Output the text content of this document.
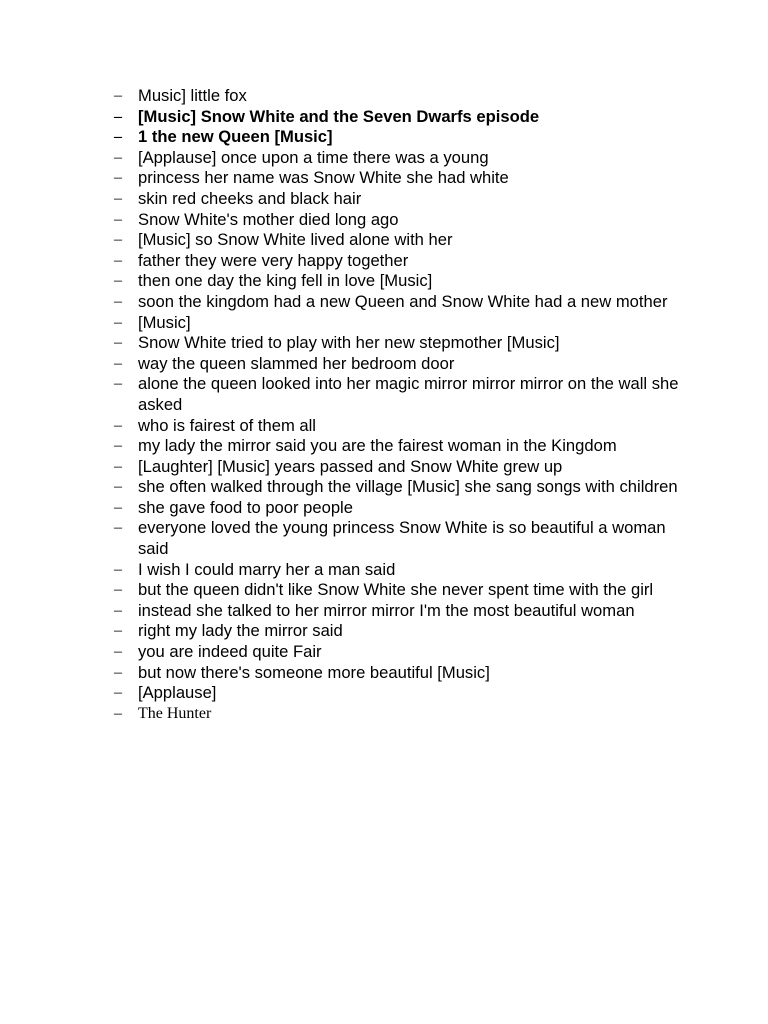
– Music] little fox
– [Music] Snow White and the Seven Dwarfs episode
– 1 the new Queen [Music]
– [Applause] once upon a time there was a young
– princess her name was Snow White she had white
– skin red cheeks and black hair
– Snow White's mother died long ago
– [Music] so Snow White lived alone with her
– father they were very happy together
– then one day the king fell in love [Music]
– soon the kingdom had a new Queen and Snow White had a new mother
– [Music]
– Snow White tried to play with her new stepmother [Music]
– way the queen slammed her bedroom door
– alone the queen looked into her magic mirror mirror mirror on the wall she asked
– who is fairest of them all
– my lady the mirror said you are the fairest woman in the Kingdom
– [Laughter] [Music] years passed and Snow White grew up
– she often walked through the village [Music] she sang songs with children
– she gave food to poor people
– everyone loved the young princess Snow White is so beautiful a woman said
– I wish I could marry her a man said
– but the queen didn't like Snow White she never spent time with the girl
– instead she talked to her mirror mirror I'm the most beautiful woman
– right my lady the mirror said
– you are indeed quite Fair
– but now there's someone more beautiful [Music]
– [Applause]
–	The Hunter
